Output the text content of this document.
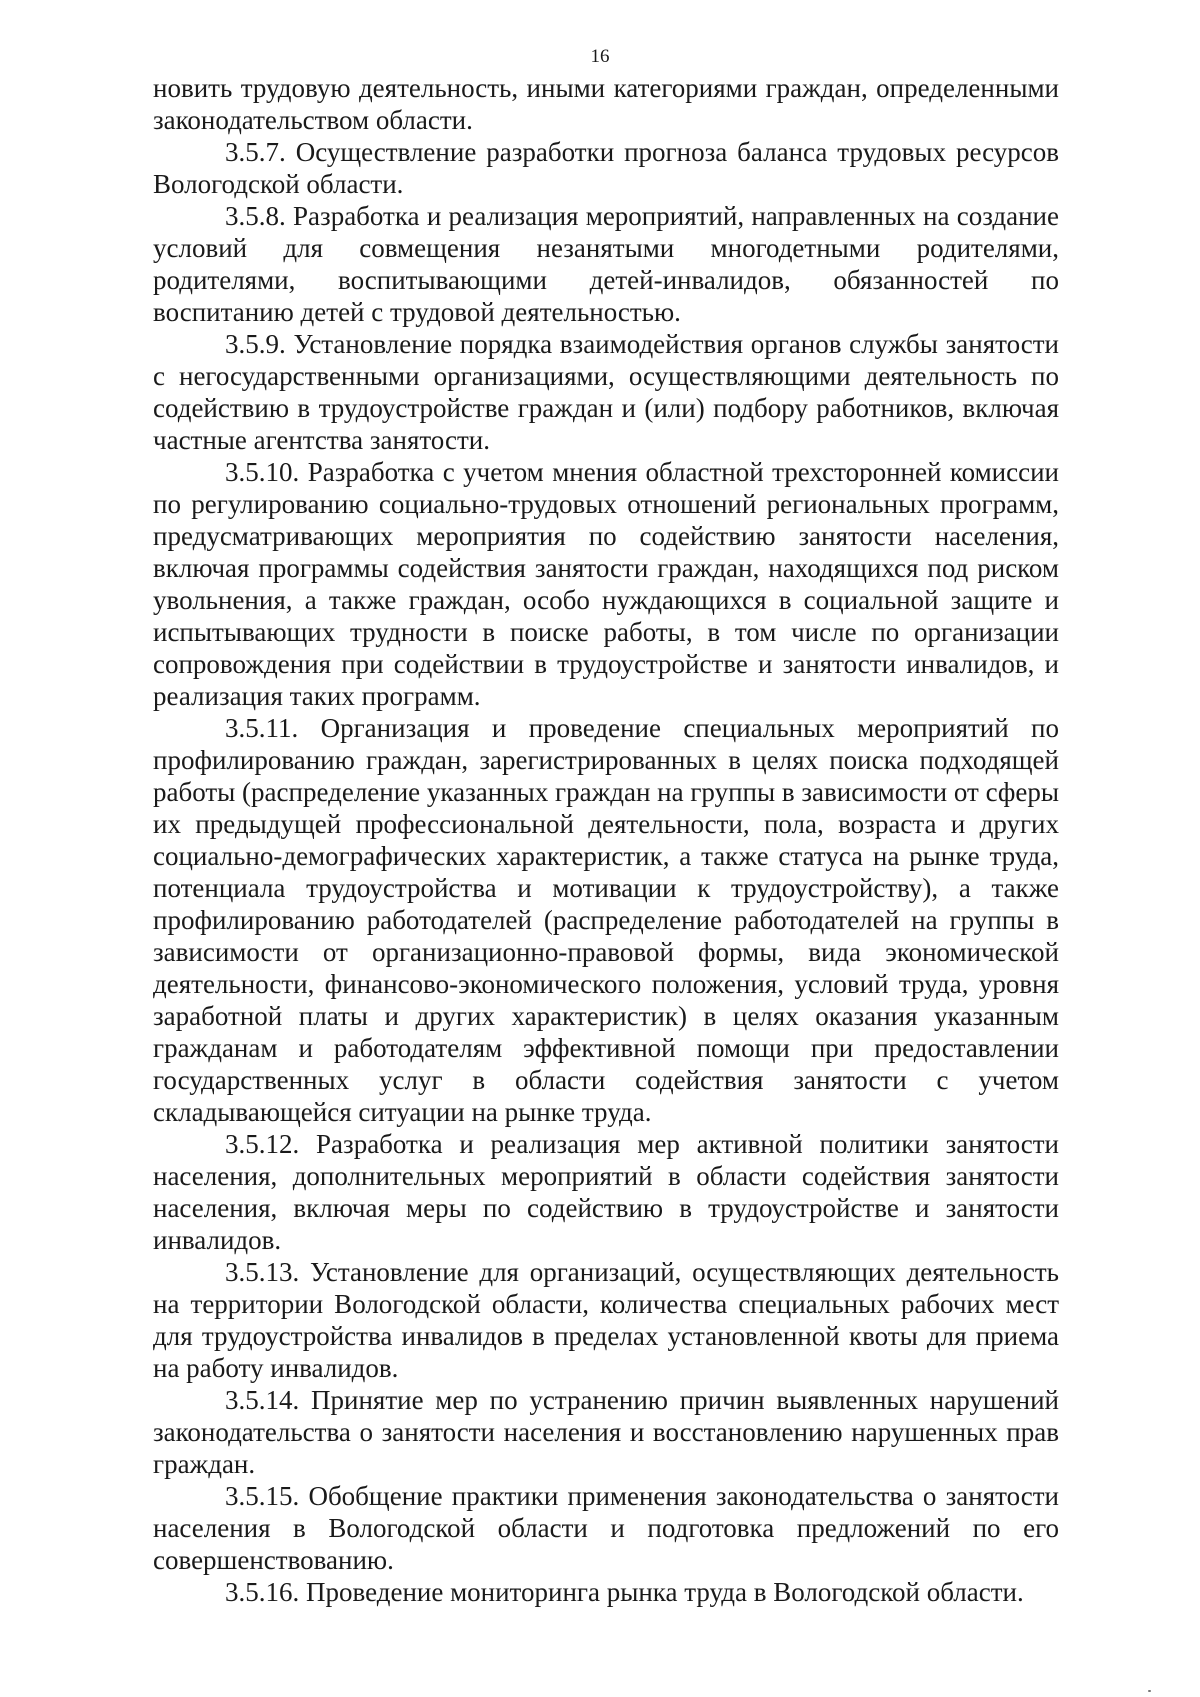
16

новить трудовую деятельность, иными категориями граждан, определенными законодательством области.

3.5.7. Осуществление разработки прогноза баланса трудовых ресурсов Вологодской области.

3.5.8. Разработка и реализация мероприятий, направленных на создание условий для совмещения незанятыми многодетными родителями, родителями, воспитывающими детей-инвалидов, обязанностей по воспитанию детей с трудовой деятельностью.

3.5.9. Установление порядка взаимодействия органов службы занятости с негосударственными организациями, осуществляющими деятельность по содействию в трудоустройстве граждан и (или) подбору работников, включая частные агентства занятости.

3.5.10. Разработка с учетом мнения областной трехсторонней комиссии по регулированию социально-трудовых отношений региональных программ, предусматривающих мероприятия по содействию занятости населения, включая программы содействия занятости граждан, находящихся под риском увольнения, а также граждан, особо нуждающихся в социальной защите и испытывающих трудности в поиске работы, в том числе по организации сопровождения при содействии в трудоустройстве и занятости инвалидов, и реализация таких программ.

3.5.11. Организация и проведение специальных мероприятий по профилированию граждан, зарегистрированных в целях поиска подходящей работы (распределение указанных граждан на группы в зависимости от сферы их предыдущей профессиональной деятельности, пола, возраста и других социально-демографических характеристик, а также статуса на рынке труда, потенциала трудоустройства и мотивации к трудоустройству), а также профилированию работодателей (распределение работодателей на группы в зависимости от организационно-правовой формы, вида экономической деятельности, финансово-экономического положения, условий труда, уровня заработной платы и других характеристик) в целях оказания указанным гражданам и работодателям эффективной помощи при предоставлении государственных услуг в области содействия занятости с учетом складывающейся ситуации на рынке труда.

3.5.12. Разработка и реализация мер активной политики занятости населения, дополнительных мероприятий в области содействия занятости населения, включая меры по содействию в трудоустройстве и занятости инвалидов.

3.5.13. Установление для организаций, осуществляющих деятельность на территории Вологодской области, количества специальных рабочих мест для трудоустройства инвалидов в пределах установленной квоты для приема на работу инвалидов.

3.5.14. Принятие мер по устранению причин выявленных нарушений законодательства о занятости населения и восстановлению нарушенных прав граждан.

3.5.15. Обобщение практики применения законодательства о занятости населения в Вологодской области и подготовка предложений по его совершенствованию.

3.5.16. Проведение мониторинга рынка труда в Вологодской области.
